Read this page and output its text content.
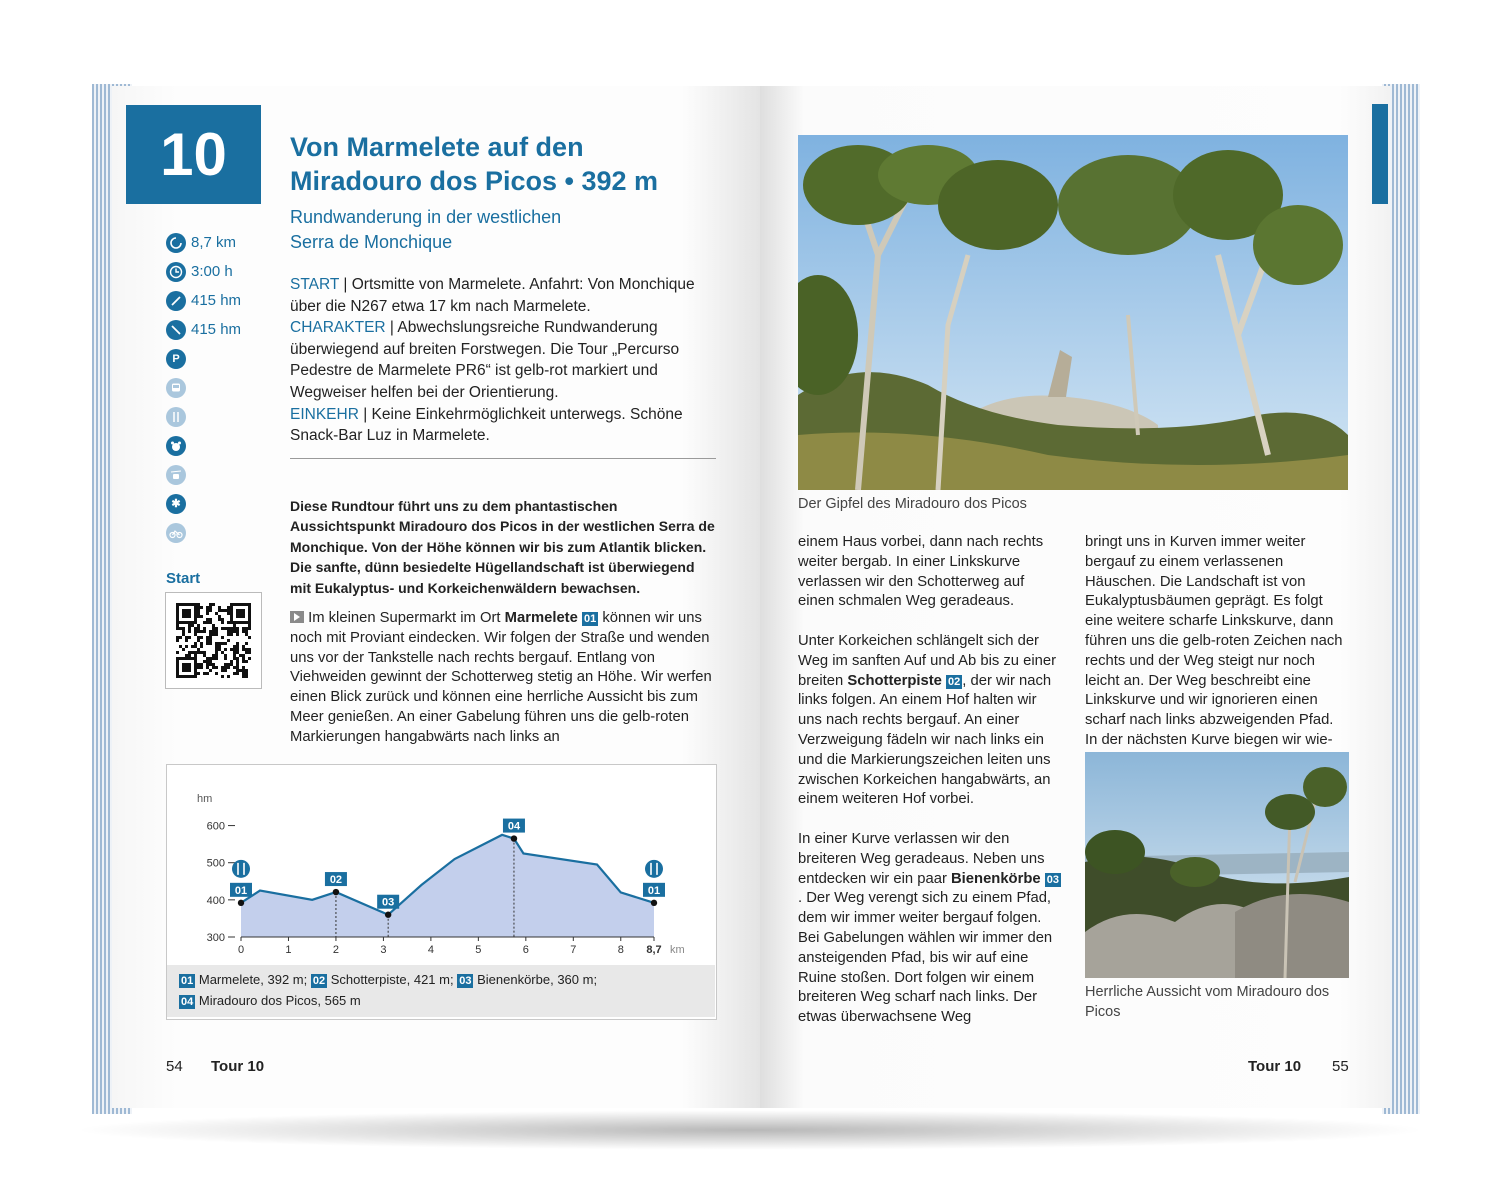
10	Von Marmelete auf den
Miradouro dos Picos • 392 m
Rundwanderung in der westlichen
Serra de Monchique
8,7 km
3:00 h
415 hm
415 hm
P
✱
Start

START | Ortsmitte von Marmelete. Anfahrt: Von Monchique über die N267 etwa 17 km nach Marmelete.

CHARAKTER | Abwechslungsreiche Rundwanderung überwiegend auf breiten Forstwegen. Die Tour „Percurso Pedestre de Marmelete PR6“ ist gelb-rot markiert und Wegweiser helfen bei der Orientierung.

EINKEHR | Keine Einkehrmöglichkeit unterwegs. Schöne Snack-Bar Luz in Marmelete.

Diese Rundtour führt uns zu dem phantastischen Aussichtspunkt Miradouro dos Picos in der westlichen Serra de Monchique. Von der Höhe können wir bis zum Atlantik blicken. Die sanfte, dünn besiedelte Hügellandschaft ist überwiegend mit Eukalyptus- und Korkeichenwäldern bewachsen.
Im kleinen Supermarkt im Ort Marmelete 01 können wir uns noch mit Proviant eindecken. Wir folgen der Straße und wenden uns vor der Tankstelle nach rechts bergauf. Entlang von Viehweiden gewinnt der Schotterweg stetig an Höhe. Wir werfen einen Blick zurück und können eine herrliche Aussicht bis zum Meer genießen. An einer Gabelung führen uns die gelb-roten Markierungen hangabwärts nach links an
hm
300
400
500
600
0	1	2	3	4	5	6	7	8 8,7 km
01
02
03
04
01
01 Marmelete, 392 m; 02 Schotterpiste, 421 m; 03 Bienenkörbe, 360 m;
04 Miradouro dos Picos, 565 m
54 Tour 10
Der Gipfel des Miradouro dos Picos

einem Haus vorbei, dann nach rechts weiter bergab. In einer Linkskurve verlassen wir den Schotterweg auf einen schmalen Weg geradeaus.

Unter Korkeichen schlängelt sich der Weg im sanften Auf und Ab bis zu einer breiten Schotterpiste 02 , der wir nach links folgen. An einem Hof halten wir uns nach rechts bergauf. An einer Verzweigung fädeln wir nach links ein und die Markierungszeichen leiten uns zwischen Korkeichen hangabwärts, an einem weiteren Hof vorbei.

In einer Kurve verlassen wir den breiteren Weg geradeaus. Neben uns entdecken wir ein paar Bienenkörbe 03. Der Weg verengt sich zu einem Pfad, dem wir immer weiter bergauf folgen. Bei Gabelungen wählen wir immer den ansteigenden Pfad, bis wir auf eine Ruine stoßen. Dort folgen wir einem breiteren Weg scharf nach links. Der etwas überwachsene Weg

bringt uns in Kurven immer weiter bergauf zu einem verlassenen Häuschen. Die Landschaft ist von Eukalyptusbäumen geprägt. Es folgt eine weitere scharfe Linkskurve, dann führen uns die gelb-roten Zeichen nach rechts und der Weg steigt nur noch leicht an. Der Weg beschreibt eine Linkskurve und wir ignorieren einen scharf nach links abzweigenden Pfad. In der nächsten Kurve biegen wir wie-

Herrliche Aussicht vom Miradouro dos Picos
Tour 10 55
